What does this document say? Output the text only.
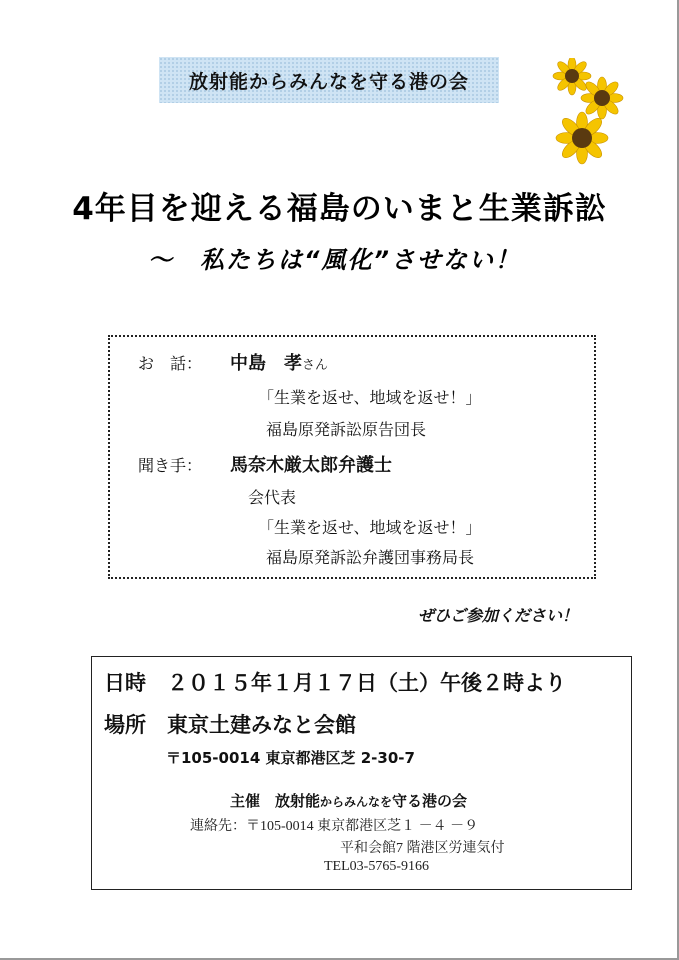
放射能からみんなを守る港の会
4年目を迎える福島のいまと生業訴訟
～　私たちは“風化”させない！
お　話： 中島　孝さん
「生業を返せ、地域を返せ！」
福島原発訴訟原告団長
聞き手： 馬奈木厳太郎弁護士
会代表
「生業を返せ、地域を返せ！」
福島原発訴訟弁護団事務局長
ぜひご参加ください！
日時　２０１５年１月１７日（土）午後２時より
場所　東京土建みなと会館
〒105-0014 東京都港区芝 2-30-7
主催　放射能からみんなを守る港の会
連絡先：〒105-0014 東京都港区芝１ －４ －９
平和会館7 階港区労連気付
TEL03-5765-9166
